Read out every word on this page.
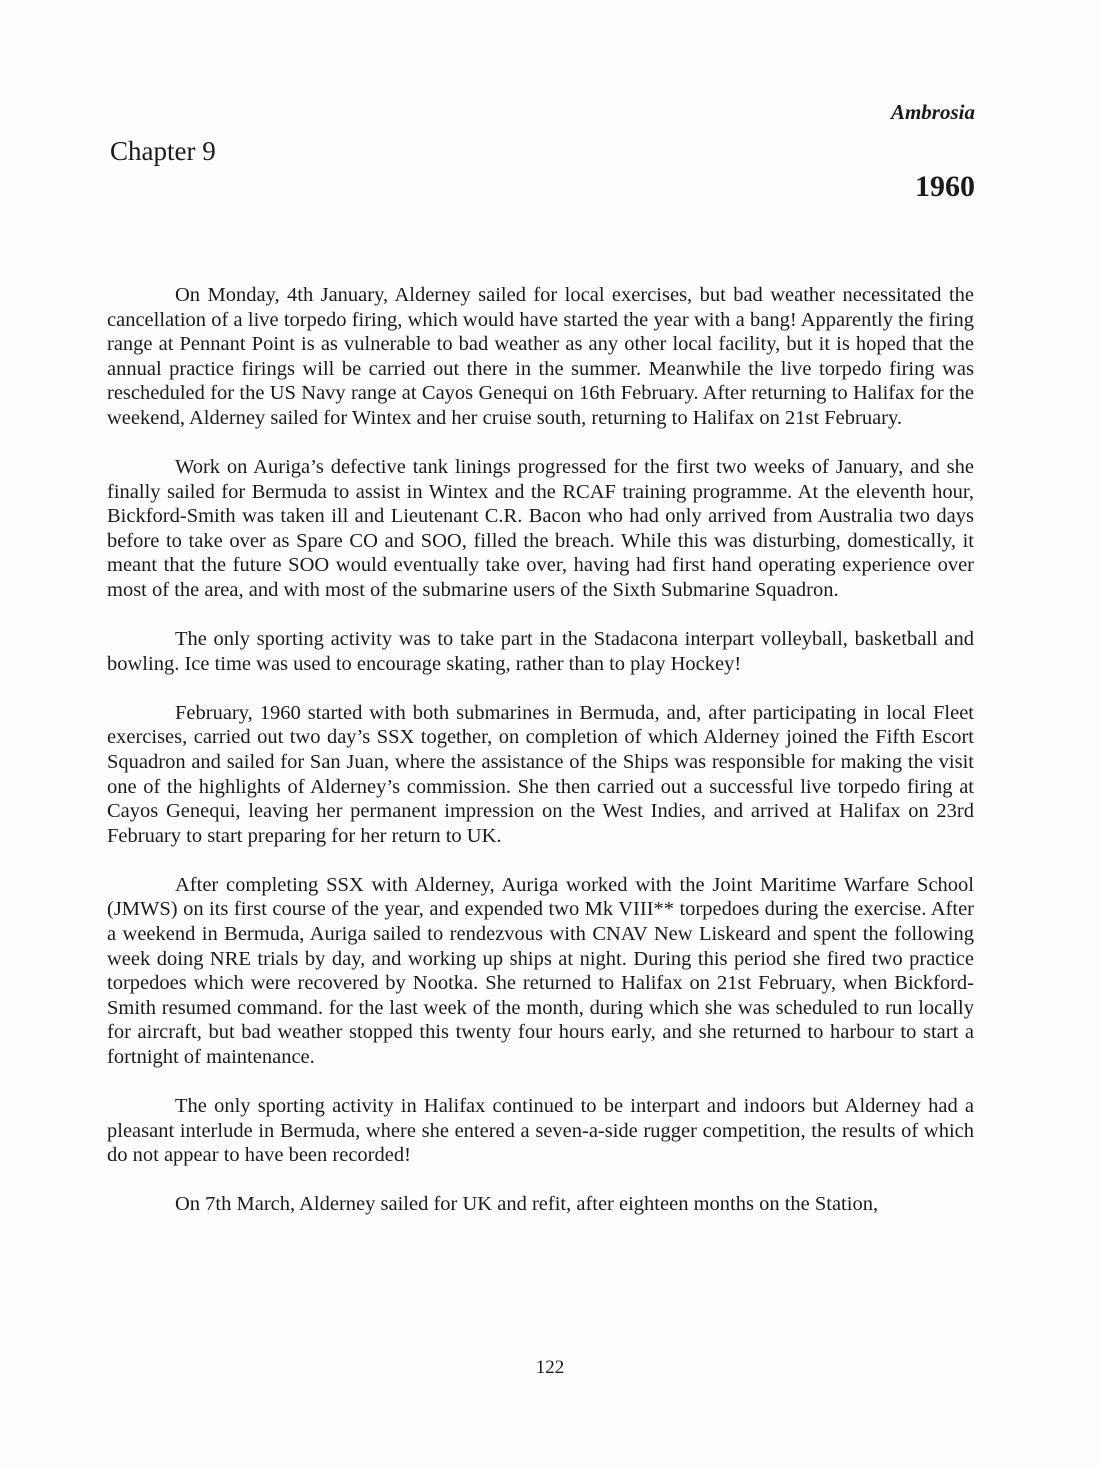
Ambrosia

Chapter 9
1960

On Monday, 4th January, Alderney sailed for local exercises, but bad weather necessitated the cancellation of a live torpedo firing, which would have started the year with a bang! Apparently the firing range at Pennant Point is as vulnerable to bad weather as any other local facility, but it is hoped that the annual practice firings will be carried out there in the summer. Meanwhile the live torpedo firing was rescheduled for the US Navy range at Cayos Genequi on 16th February. After returning to Halifax for the weekend, Alderney sailed for Wintex and her cruise south, returning to Halifax on 21st February.

Work on Auriga’s defective tank linings progressed for the first two weeks of January, and she finally sailed for Bermuda to assist in Wintex and the RCAF training programme. At the eleventh hour, Bickford-Smith was taken ill and Lieutenant C.R. Bacon who had only arrived from Australia two days before to take over as Spare CO and SOO, filled the breach. While this was disturbing, domestically, it meant that the future SOO would eventually take over, having had first hand operating experience over most of the area, and with most of the submarine users of the Sixth Submarine Squadron.

The only sporting activity was to take part in the Stadacona interpart volleyball, basketball and bowling. Ice time was used to encourage skating, rather than to play Hockey!

February, 1960 started with both submarines in Bermuda, and, after participating in local Fleet exercises, carried out two day’s SSX together, on completion of which Alderney joined the Fifth Escort Squadron and sailed for San Juan, where the assistance of the Ships was responsible for making the visit one of the highlights of Alderney’s commission. She then carried out a successful live torpedo firing at Cayos Genequi, leaving her permanent impression on the West Indies, and arrived at Halifax on 23rd February to start preparing for her return to UK.

After completing SSX with Alderney, Auriga worked with the Joint Maritime Warfare School (JMWS) on its first course of the year, and expended two Mk VIII** torpedoes during the exercise. After a weekend in Bermuda, Auriga sailed to rendezvous with CNAV New Liskeard and spent the following week doing NRE trials by day, and working up ships at night. During this period she fired two practice torpedoes which were recovered by Nootka. She returned to Halifax on 21st February, when Bickford-Smith resumed command. for the last week of the month, during which she was scheduled to run locally for aircraft, but bad weather stopped this twenty four hours early, and she returned to harbour to start a fortnight of maintenance.

The only sporting activity in Halifax continued to be interpart and indoors but Alderney had a pleasant interlude in Bermuda, where she entered a seven-a-side rugger competition, the results of which do not appear to have been recorded!

On 7th March, Alderney sailed for UK and refit, after eighteen months on the Station,

122
